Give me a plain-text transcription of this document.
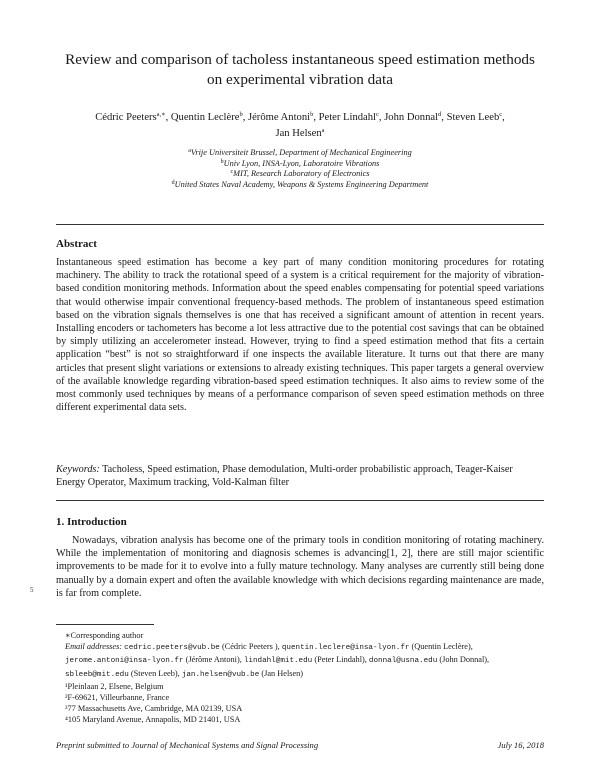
Review and comparison of tacholess instantaneous speed estimation methods on experimental vibration data
Cédric Peeters$^{a,∗}$, Quentin Leclère$^b$, Jérôme Antoni$^b$, Peter Lindahl$^c$, John Donnal$^d$, Steven Leeb$^c$, Jan Helsen$^a$
$^a$Vrije Universiteit Brussel, Department of Mechanical Engineering
$^b$Univ Lyon, INSA-Lyon, Laboratoire Vibrations
$^c$MIT, Research Laboratory of Electronics
$^d$United States Naval Academy, Weapons & Systems Engineering Department
Abstract
Instantaneous speed estimation has become a key part of many condition monitoring procedures for rotating machinery. The ability to track the rotational speed of a system is a critical requirement for the majority of vibration-based condition monitoring methods. Information about the speed enables compensating for potential speed variations that would otherwise impair conventional frequency-based methods. The problem of instantaneous speed estimation based on the vibration signals themselves is one that has received a significant amount of attention in recent years. Installing encoders or tachometers has become a lot less attractive due to the potential cost savings that can be obtained by simply utilizing an accelerometer instead. However, trying to find a speed estimation method that fits a certain application “best” is not so straightforward if one inspects the available literature. It turns out that there are many articles that present slight variations or extensions to already existing techniques. This paper targets a general overview of the available knowledge regarding vibration-based speed estimation techniques. It also aims to review some of the most commonly used techniques by means of a performance comparison of seven speed estimation methods on three different experimental data sets.
Keywords: Tacholess, Speed estimation, Phase demodulation, Multi-order probabilistic approach, Teager-Kaiser Energy Operator, Maximum tracking, Vold-Kalman filter
1. Introduction
Nowadays, vibration analysis has become one of the primary tools in condition monitoring of rotating machinery. While the implementation of monitoring and diagnosis schemes is advancing[1, 2], there are still major scientific improvements to be made for it to evolve into a fully mature technology. Many analyses are currently still being done manually by a domain expert and often the available knowledge with which decisions regarding maintenance are made, is far from complete.
5

∗Corresponding author

Email addresses: cedric.peeters@vub.be (Cédric Peeters ), quentin.leclere@insa-lyon.fr (Quentin Leclère), jerome.antoni@insa-lyon.fr (Jérôme Antoni), lindahl@mit.edu (Peter Lindahl), donnal@usna.edu (John Donnal), sbleeb@mit.edu (Steven Leeb), jan.helsen@vub.be (Jan Helsen)

¹Pleinlaan 2, Elsene, Belgium

²F-69621, Villeurbanne, France

³77 Massachusetts Ave, Cambridge, MA 02139, USA

⁴105 Maryland Avenue, Annapolis, MD 21401, USA

Preprint submitted to Journal of Mechanical Systems and Signal Processing	July 16, 2018
